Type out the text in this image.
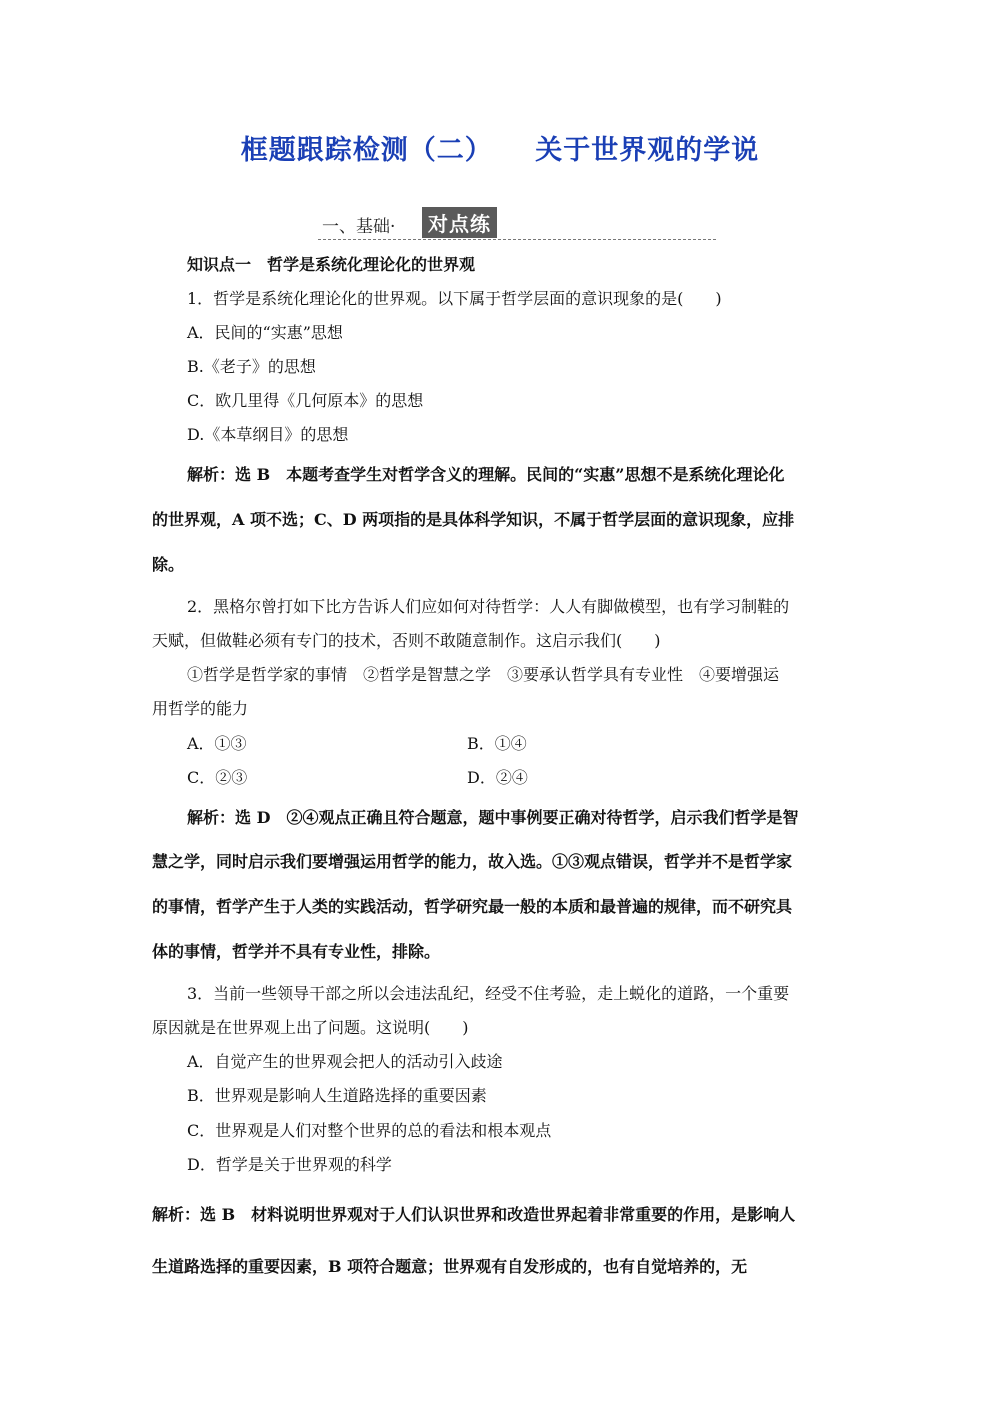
框题跟踪检测（二）　　关于世界观的学说
一、基础·	对点练
知识点一　哲学是系统化理论化的世界观
1．哲学是系统化理论化的世界观。以下属于哲学层面的意识现象的是(　　)
A．民间的“实惠”思想
B.《老子》的思想
C．欧几里得《几何原本》的思想
D.《本草纲目》的思想
解析：选 B　本题考查学生对哲学含义的理解。民间的“实惠”思想不是系统化理论化
的世界观，A 项不选；C、D 两项指的是具体科学知识，不属于哲学层面的意识现象，应排
除。
2．黑格尔曾打如下比方告诉人们应如何对待哲学：人人有脚做模型，也有学习制鞋的
天赋，但做鞋必须有专门的技术，否则不敢随意制作。这启示我们(　　)
①哲学是哲学家的事情　②哲学是智慧之学　③要承认哲学具有专业性　④要增强运
用哲学的能力
A．①③	B．①④
C．②③	D．②④
解析：选 D　②④观点正确且符合题意，题中事例要正确对待哲学，启示我们哲学是智
慧之学，同时启示我们要增强运用哲学的能力，故入选。①③观点错误，哲学并不是哲学家
的事情，哲学产生于人类的实践活动，哲学研究最一般的本质和最普遍的规律，而不研究具
体的事情，哲学并不具有专业性，排除。
3．当前一些领导干部之所以会违法乱纪，经受不住考验，走上蜕化的道路，一个重要
原因就是在世界观上出了问题。这说明(　　)
A．自觉产生的世界观会把人的活动引入歧途
B．世界观是影响人生道路选择的重要因素
C．世界观是人们对整个世界的总的看法和根本观点
D．哲学是关于世界观的科学
解析：选 B　材料说明世界观对于人们认识世界和改造世界起着非常重要的作用，是影响人
生道路选择的重要因素，B 项符合题意；世界观有自发形成的，也有自觉培养的，无
